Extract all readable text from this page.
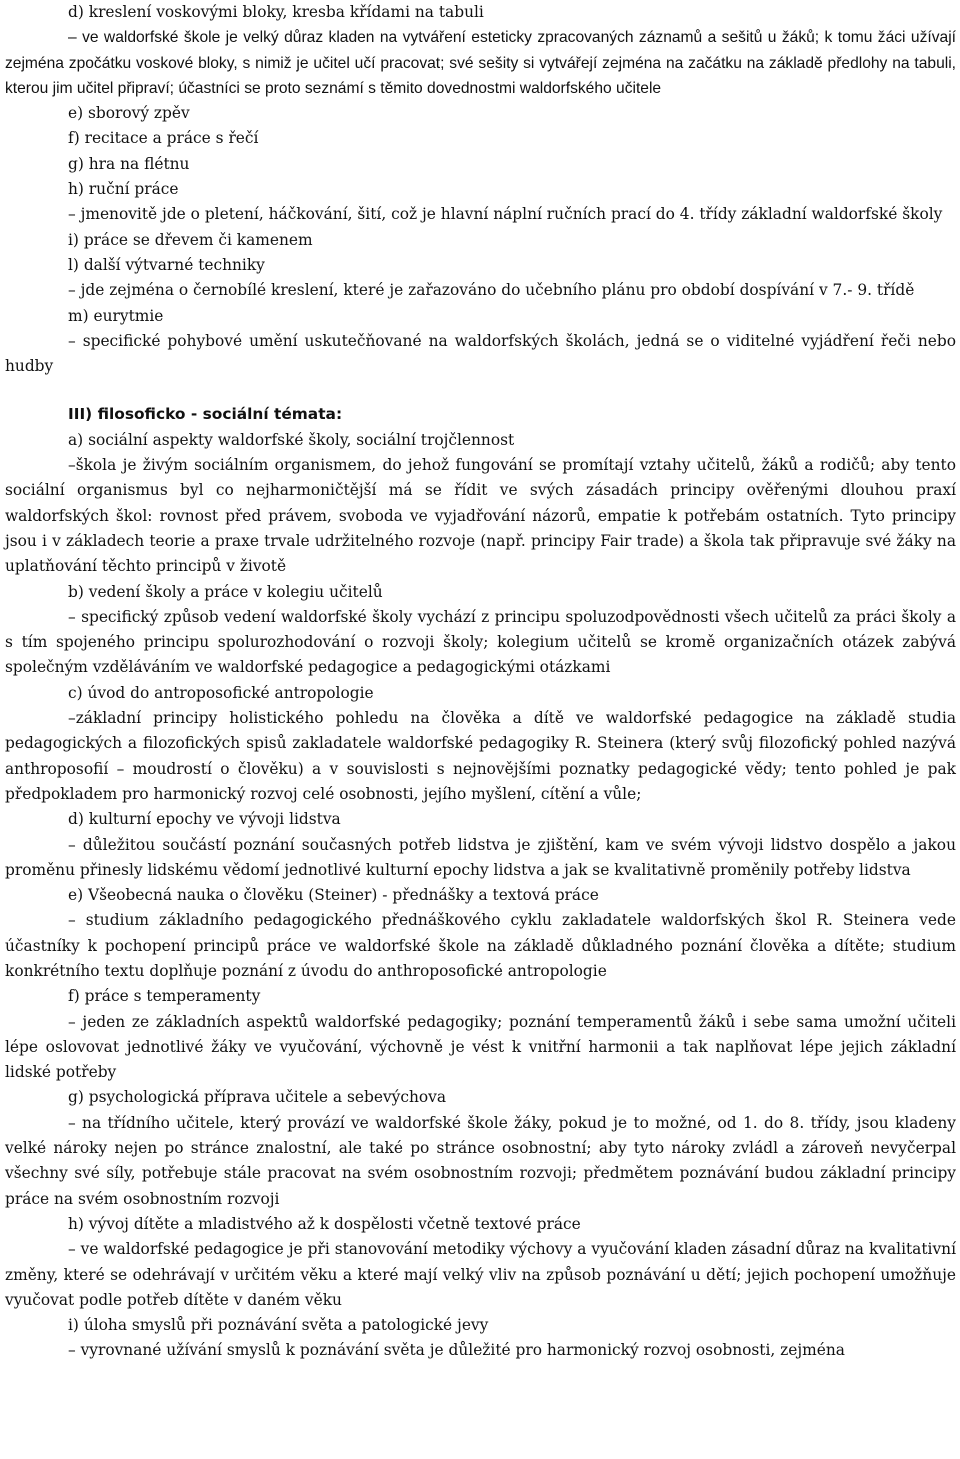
d) kreslení voskovými bloky, kresba křídami na tabuli

– ve waldorfské škole je velký důraz kladen na vytváření esteticky zpracovaných záznamů a sešitů u žáků; k tomu žáci užívají zejména zpočátku voskové bloky, s nimiž je učitel učí pracovat; své sešity si vytvářejí zejména na začátku na základě předlohy na tabuli, kterou jim učitel připraví; účastníci se proto seznámí s těmito dovednostmi waldorfského učitele

e) sborový zpěv

f) recitace a práce s řečí

g) hra na flétnu

h) ruční práce

– jmenovitě jde o pletení, háčkování, šití, což je hlavní náplní ručních prací do 4. třídy základní waldorfské školy

i) práce se dřevem či kamenem

l) další výtvarné techniky

– jde zejména o černobílé kreslení, které je zařazováno do učebního plánu pro období dospívání v 7.- 9. třídě

m) eurytmie

– specifické pohybové umění uskutečňované na waldorfských školách, jedná se o viditelné vyjádření řeči nebo hudby

III) filosoficko - sociální témata:

a) sociální aspekty waldorfské školy, sociální trojčlennost

–škola je živým sociálním organismem, do jehož fungování se promítají vztahy učitelů, žáků a rodičů; aby tento sociální organismus byl co nejharmoničtější má se řídit ve svých zásadách principy ověřenými dlouhou praxí waldorfských škol: rovnost před právem, svoboda ve vyjadřování názorů, empatie k potřebám ostatních. Tyto principy jsou i v základech teorie a praxe trvale udržitelného rozvoje (např. principy Fair trade) a škola tak připravuje své žáky na uplatňování těchto principů v životě

b) vedení školy a práce v kolegiu učitelů

– specifický způsob vedení waldorfské školy vychází z principu spoluzodpovědnosti všech učitelů za práci školy a s tím spojeného principu spolurozhodování o rozvoji školy; kolegium učitelů se kromě organizačních otázek zabývá společným vzděláváním ve waldorfské pedagogice a pedagogickými otázkami

c) úvod do antroposofické antropologie

–základní principy holistického pohledu na člověka a dítě ve waldorfské pedagogice na základě studia pedagogických a filozofických spisů zakladatele waldorfské pedagogiky R. Steinera (který svůj filozofický pohled nazývá anthroposofií – moudrostí o člověku) a v souvislosti s nejnovějšími poznatky pedagogické vědy; tento pohled je pak předpokladem pro harmonický rozvoj celé osobnosti, jejího myšlení, cítění a vůle;

d) kulturní epochy ve vývoji lidstva

– důležitou součástí poznání současných potřeb lidstva je zjištění, kam ve svém vývoji lidstvo dospělo a jakou proměnu přinesly lidskému vědomí jednotlivé kulturní epochy lidstva a jak se kvalitativně proměnily potřeby lidstva

e) Všeobecná nauka o člověku (Steiner) - přednášky a textová práce

– studium základního pedagogického přednáškového cyklu zakladatele waldorfských škol R. Steinera vede účastníky k pochopení principů práce ve waldorfské škole na základě důkladného poznání člověka a dítěte; studium konkrétního textu doplňuje poznání z úvodu do anthroposofické antropologie

f) práce s temperamenty

– jeden ze základních aspektů waldorfské pedagogiky; poznání temperamentů žáků i sebe sama umožní učiteli lépe oslovovat jednotlivé žáky ve vyučování, výchovně je vést k vnitřní harmonii a tak naplňovat lépe jejich základní lidské potřeby

g) psychologická příprava učitele a sebevýchova

– na třídního učitele, který provází ve waldorfské škole žáky, pokud je to možné, od 1. do 8. třídy, jsou kladeny velké nároky nejen po stránce znalostní, ale také po stránce osobnostní; aby tyto nároky zvládl a zároveň nevyčerpal všechny své síly, potřebuje stále pracovat na svém osobnostním rozvoji; předmětem poznávání budou základní principy práce na svém osobnostním rozvoji

h) vývoj dítěte a mladistvého až k dospělosti včetně textové práce

– ve waldorfské pedagogice je při stanovování metodiky výchovy a vyučování kladen zásadní důraz na kvalitativní změny, které se odehrávají v určitém věku a které mají velký vliv na způsob poznávání u dětí; jejich pochopení umožňuje vyučovat podle potřeb dítěte v daném věku

i) úloha smyslů při poznávání světa a patologické jevy

– vyrovnané užívání smyslů k poznávání světa je důležité pro harmonický rozvoj osobnosti, zejména
